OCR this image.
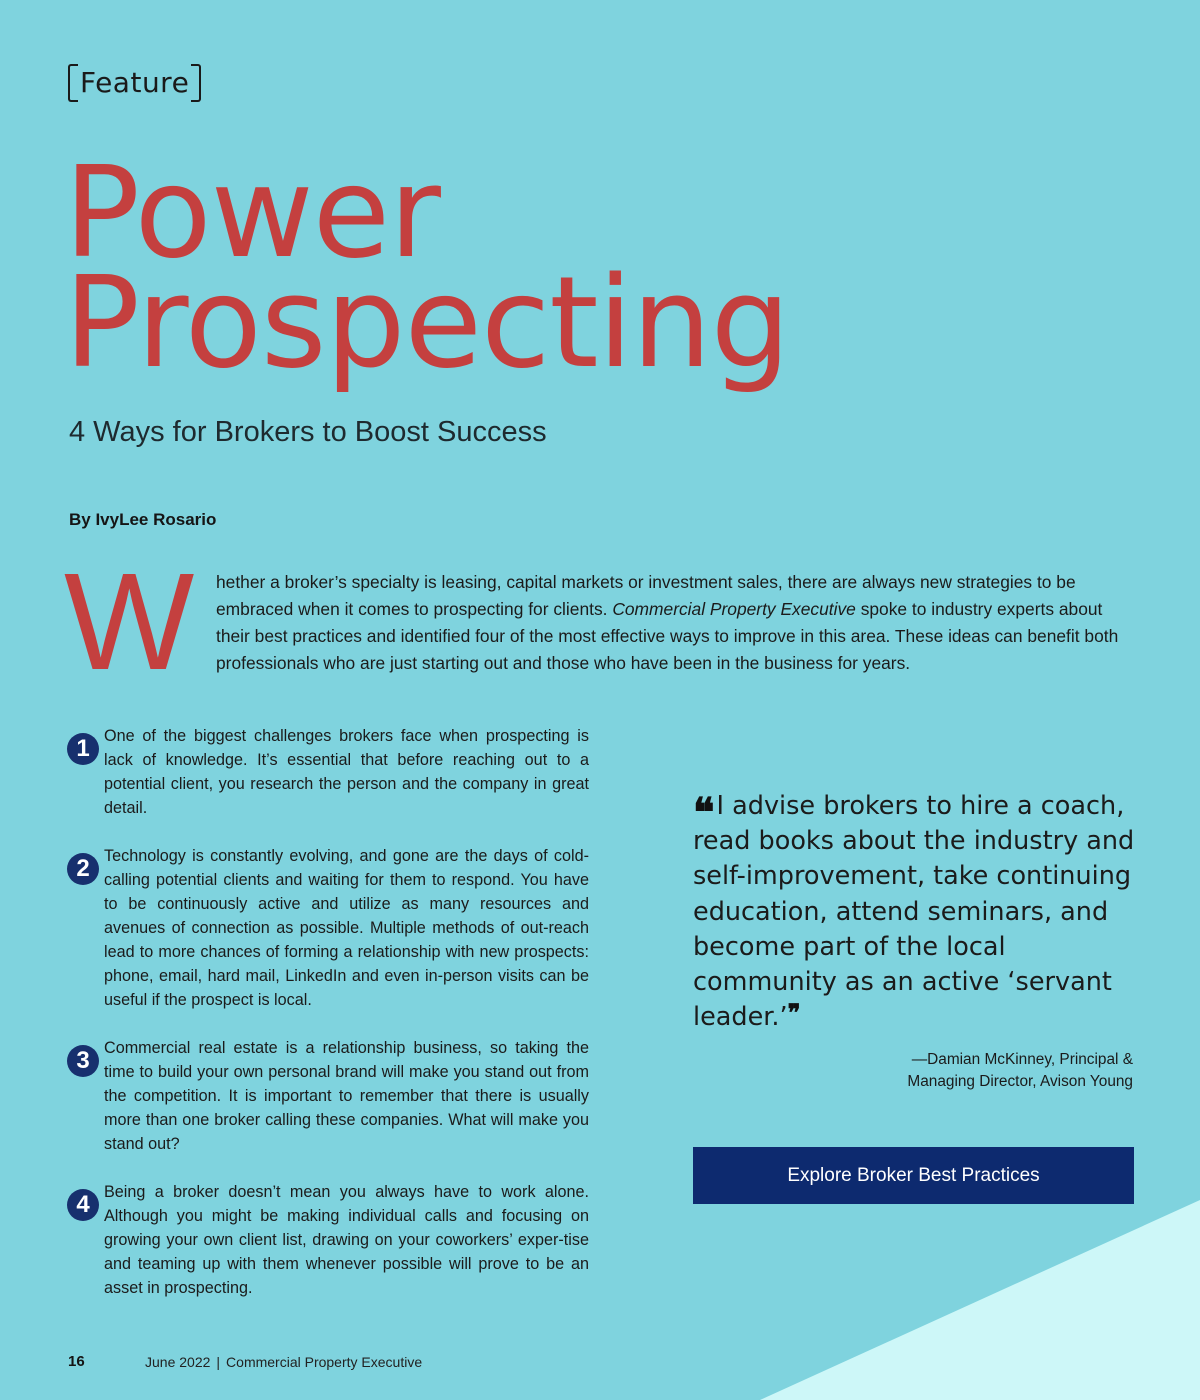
Feature
Power
Prospecting
4 Ways for Brokers to Boost Success
By IvyLee Rosario
W hether a broker’s specialty is leasing, capital markets or investment sales, there are always new strategies to be embraced when it comes to prospecting for clients. Commercial Property Executive spoke to industry experts about their best practices and identified four of the most effective ways to improve in this area. These ideas can benefit both professionals who are just starting out and those who have been in the business for years.

1 One of the biggest challenges brokers face when prospecting is lack of knowledge. It’s essential that before reaching out to a potential client, you research the person and the company in great detail.

2 Technology is constantly evolving, and gone are the days of cold-calling potential clients and waiting for them to respond. You have to be continuously active and utilize as many resources and avenues of connection as possible. Multiple methods of out-reach lead to more chances of forming a relationship with new prospects: phone, email, hard mail, LinkedIn and even in-person visits can be useful if the prospect is local.

3 Commercial real estate is a relationship business, so taking the time to build your own personal brand will make you stand out from the competition. It is important to remember that there is usually more than one broker calling these companies. What will make you stand out?

4 Being a broker doesn’t mean you always have to work alone. Although you might be making individual calls and focusing on growing your own client list, drawing on your coworkers’ exper-tise and teaming up with them whenever possible will prove to be an asset in prospecting.

❝I advise brokers to hire a coach, read books about the industry and self-improvement, take continuing education, attend seminars, and become part of the local community as an active ‘servant leader.’❞

—Damian McKinney, Principal &
Managing Director, Avison Young

Explore Broker Best Practices
16	June 2022 | Commercial Property Executive
